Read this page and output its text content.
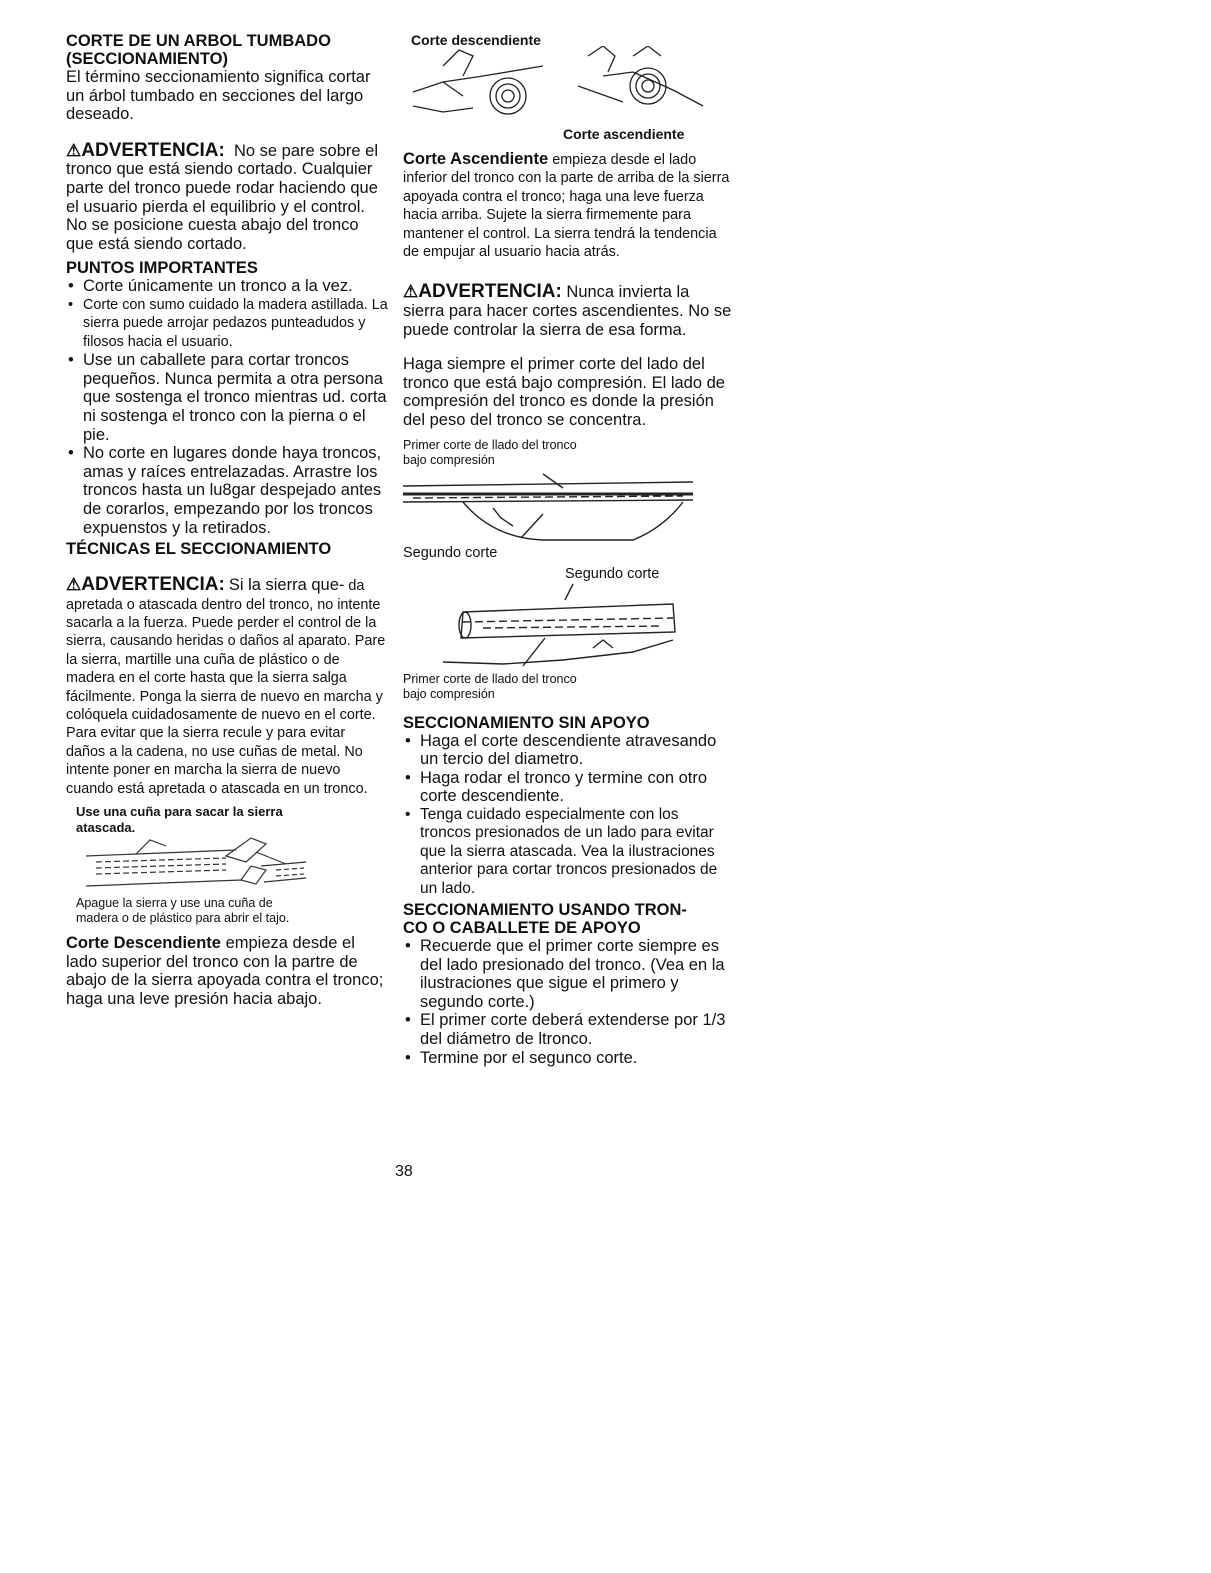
CORTE DE UN ARBOL TUMBADO

(SECCIONAMIENTO)

El término seccionamiento significa cortar un árbol tumbado en secciones del largo deseado.

⚠ADVERTENCIA: No se pare sobre el tronco que está siendo cortado. Cualquier parte del tronco puede rodar haciendo que el usuario pierda el equilibrio y el control. No se posicione cuesta abajo del tronco que está siendo cortado.

PUNTOS IMPORTANTES

• Corte únicamente un tronco a la vez.
• Corte con sumo cuidado la madera astillada. La sierra puede arrojar pedazos punteadudos y filosos hacia el usuario.
• Use un caballete para cortar troncos pequeños. Nunca permita a otra persona que sostenga el tronco mientras ud. corta ni sostenga el tronco con la pierna o el pie.
• No corte en lugares donde haya troncos, amas y raíces entrelazadas. Arrastre los troncos hasta un lu8gar despejado antes de corarlos, empezando por los troncos expuenstos y la retirados.

TÉCNICAS EL SECCIONAMIENTO

⚠ADVERTENCIA: Si la sierra que- da apretada o atascada dentro del tronco, no intente sacarla a la fuerza. Puede perder el control de la sierra, causando heridas o daños al aparato. Pare la sierra, martille una cuña de plástico o de madera en el corte hasta que la sierra salga fácilmente. Ponga la sierra de nuevo en marcha y colóquela cuidadosamente de nuevo en el corte. Para evitar que la sierra recule y para evitar daños a la cadena, no use cuñas de metal. No intente poner en marcha la sierra de nuevo cuando está apretada o atascada en un tronco.

Use una cuña para sacar la sierra

atascada.

Apague la sierra y use una cuña de

madera o de plástico para abrir el tajo.

Corte Descendiente empieza desde el lado superior del tronco con la partre de abajo de la sierra apoyada contra el tronco; haga una leve presión hacia abajo.

Corte descendiente
Corte ascendiente

Corte Ascendiente empieza desde el lado inferior del tronco con la parte de arriba de la sierra apoyada contra el tronco; haga una leve fuerza hacia arriba. Sujete la sierra firmemente para mantener el control. La sierra tendrá la tendencia de empujar al usuario hacia atrás.

⚠ADVERTENCIA: Nunca invierta la sierra para hacer cortes ascendientes. No se puede controlar la sierra de esa forma.

Haga siempre el primer corte del lado del tronco que está bajo compresión. El lado de compresión del tronco es donde la presión del peso del tronco se concentra.

Primer corte de llado del tronco

bajo compresión

Segundo corte

Segundo corte

Primer corte de llado del tronco

bajo compresión

SECCIONAMIENTO SIN APOYO

• Haga el corte descendiente atravesando un tercio del diametro.
• Haga rodar el tronco y termine con otro corte descendiente.
• Tenga cuidado especialmente con los troncos presionados de un lado para evitar que la sierra atascada. Vea la ilustraciones anterior para cortar troncos presionados de un lado.

SECCIONAMIENTO USANDO TRON-

CO O CABALLETE DE APOYO

• Recuerde que el primer corte siempre es del lado presionado del tronco. (Vea en la ilustraciones que sigue el primero y segundo corte.)
• El primer corte deberá extenderse por 1/3 del diámetro de ltronco.
• Termine por el segunco corte.
38
